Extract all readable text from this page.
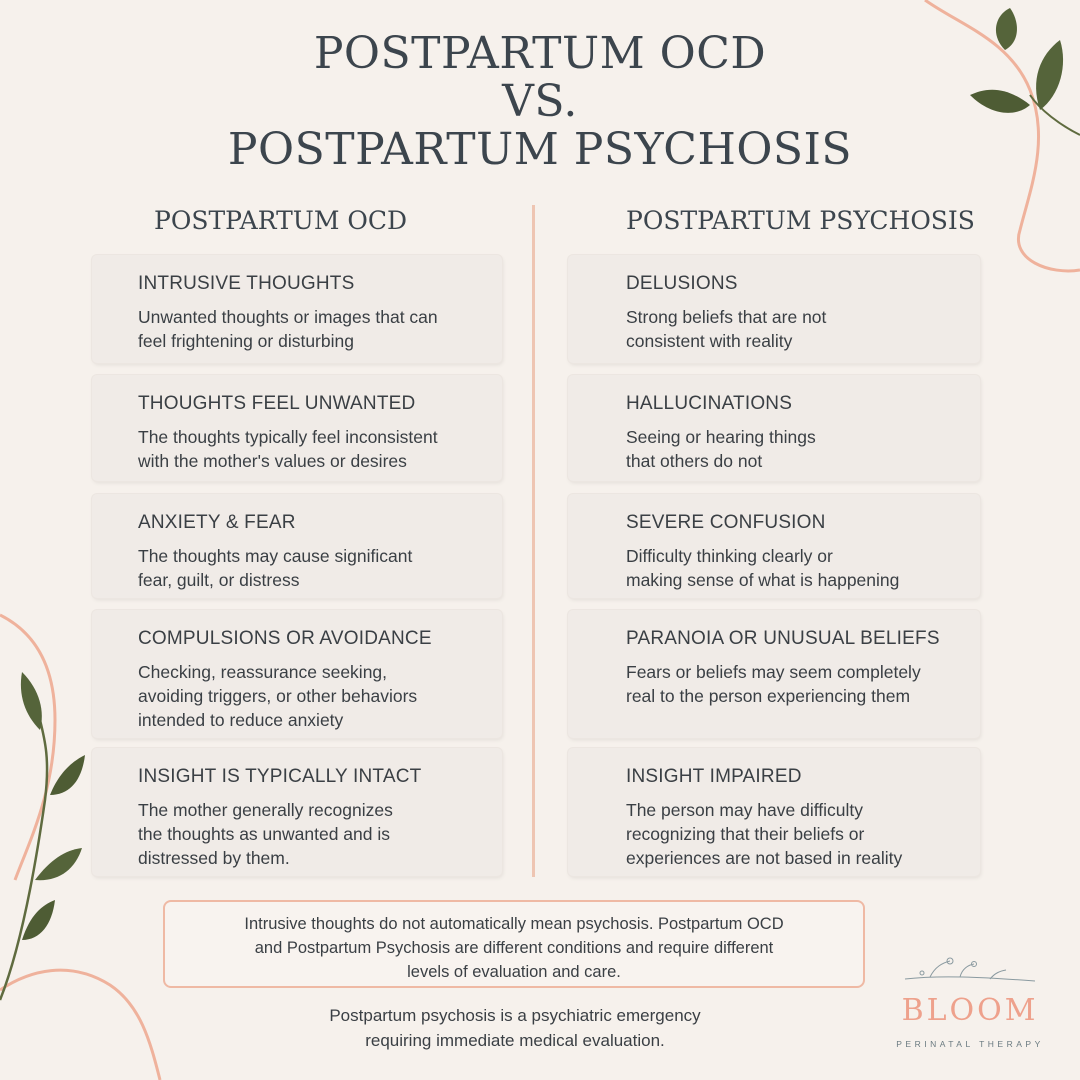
POSTPARTUM OCD
VS.
POSTPARTUM PSYCHOSIS
POSTPARTUM OCD	POSTPARTUM PSYCHOSIS
INTRUSIVE THOUGHTS
Unwanted thoughts or images that can
feel frightening or disturbing
THOUGHTS FEEL UNWANTED
The thoughts typically feel inconsistent
with the mother's values or desires
ANXIETY & FEAR
The thoughts may cause significant
fear, guilt, or distress
COMPULSIONS OR AVOIDANCE
Checking, reassurance seeking,
avoiding triggers, or other behaviors
intended to reduce anxiety
INSIGHT IS TYPICALLY INTACT
The mother generally recognizes
the thoughts as unwanted and is
distressed by them.
DELUSIONS
Strong beliefs that are not
consistent with reality
HALLUCINATIONS
Seeing or hearing things
that others do not
SEVERE CONFUSION
Difficulty thinking clearly or
making sense of what is happening
PARANOIA OR UNUSUAL BELIEFS
Fears or beliefs may seem completely
real to the person experiencing them
INSIGHT IMPAIRED
The person may have difficulty
recognizing that their beliefs or
experiences are not based in reality
Intrusive thoughts do not automatically mean psychosis. Postpartum OCD
and Postpartum Psychosis are different conditions and require different
levels of evaluation and care.
Postpartum psychosis is a psychiatric emergency
requiring immediate medical evaluation.
BLOOM
PERINATAL THERAPY
